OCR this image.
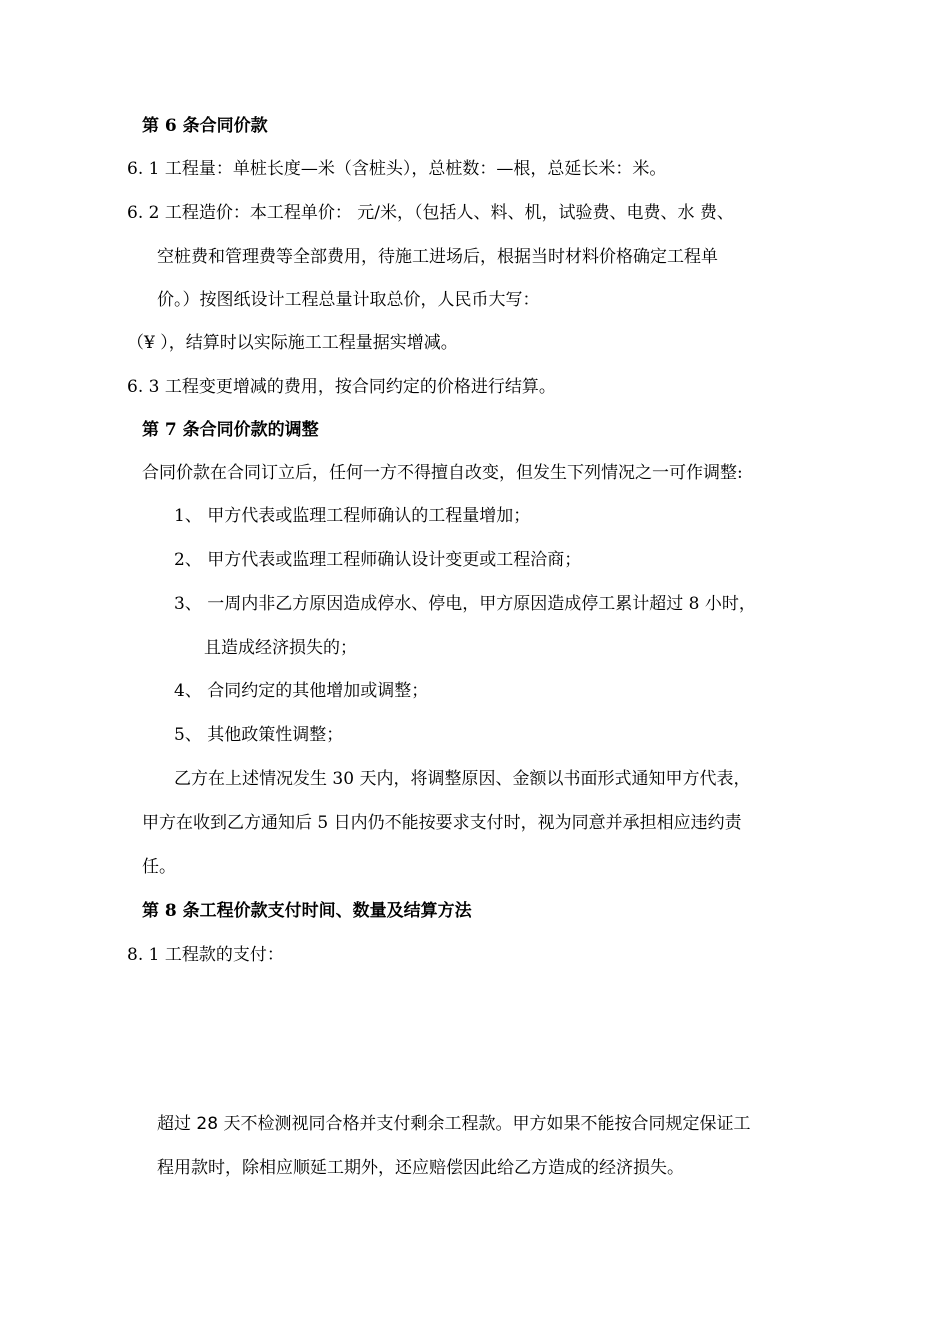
第 6 条合同价款
6. 1 工程量：单桩长度—米（含桩头），总桩数：—根，总延长米：米。
6. 2 工程造价：本工程单价： 元/米，（包括人、料、机，试验费、电费、水 费、
空桩费和管理费等全部费用，待施工进场后，根据当时材料价格确定工程单
价。）按图纸设计工程总量计取总价，人民币大写：
（¥ ），结算时以实际施工工程量据实增减。
6. 3 工程变更增减的费用，按合同约定的价格进行结算。
第 7 条合同价款的调整
合同价款在合同订立后，任何一方不得擅自改变，但发生下列情况之一可作调整:
1、 甲方代表或监理工程师确认的工程量增加；
2、 甲方代表或监理工程师确认设计变更或工程洽商；
3、 一周内非乙方原因造成停水、停电，甲方原因造成停工累计超过 8 小时，
且造成经济损失的；
4、 合同约定的其他增加或调整；
5、 其他政策性调整；
乙方在上述情况发生 30 天内，将调整原因、金额以书面形式通知甲方代表，
甲方在收到乙方通知后 5 日内仍不能按要求支付时，视为同意并承担相应违约责
任。
第 8 条工程价款支付时间、数量及结算方法
8. 1 工程款的支付：
超过 28 天不检测视同合格并支付剩余工程款。甲方如果不能按合同规定保证工
程用款时，除相应顺延工期外，还应赔偿因此给乙方造成的经济损失。
